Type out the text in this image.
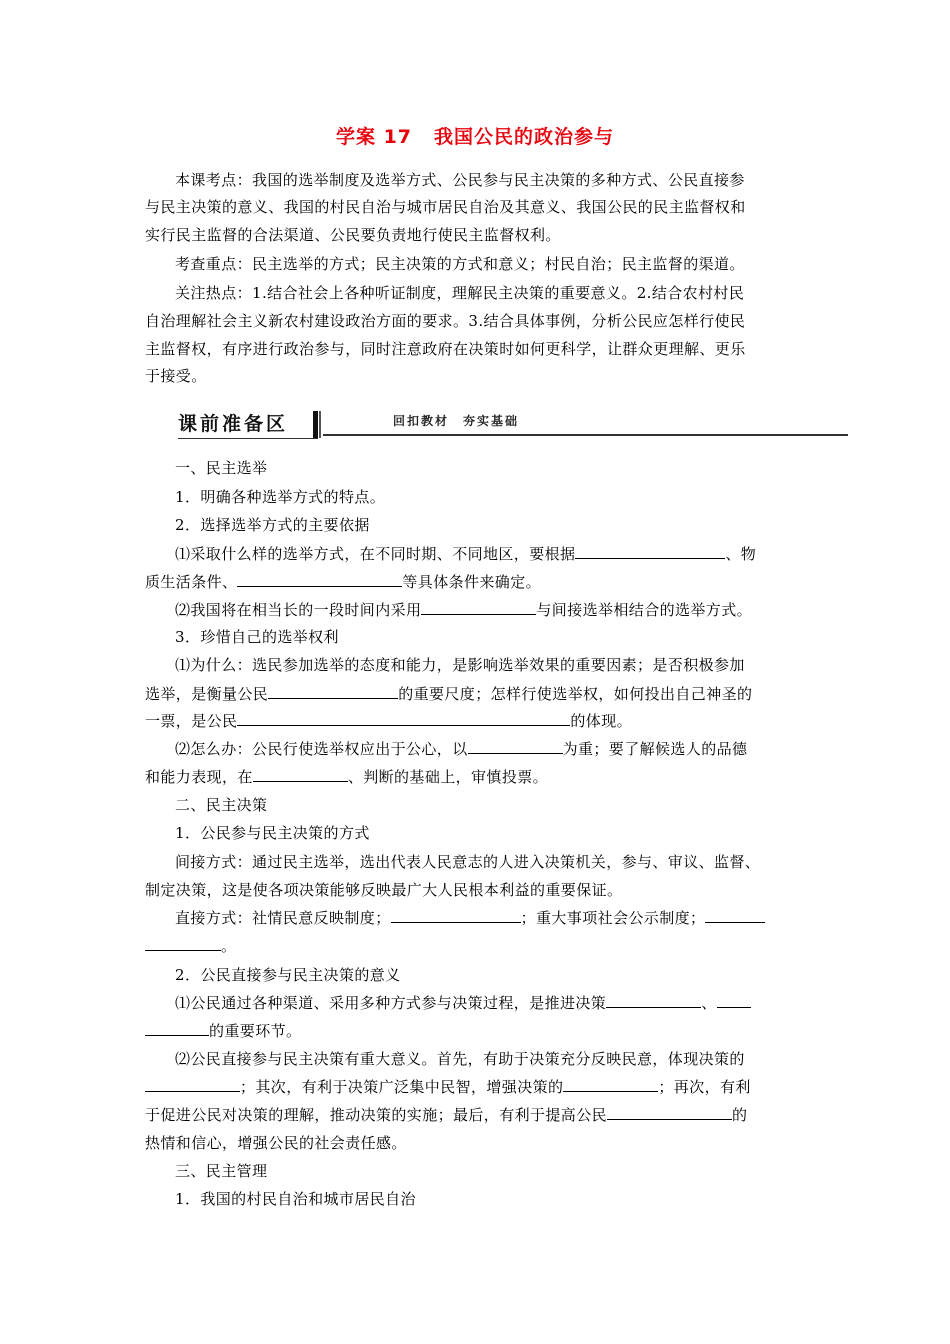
学案 17 我国公民的政治参与
本课考点：我国的选举制度及选举方式、公民参与民主决策的多种方式、公民直接参
与民主决策的意义、我国的村民自治与城市居民自治及其意义、我国公民的民主监督权和
实行民主监督的合法渠道、公民要负责地行使民主监督权利。
考查重点：民主选举的方式；民主决策的方式和意义；村民自治；民主监督的渠道。
关注热点：1.结合社会上各种听证制度，理解民主决策的重要意义。2.结合农村村民
自治理解社会主义新农村建设政治方面的要求。3.结合具体事例，分析公民应怎样行使民
主监督权，有序进行政治参与，同时注意政府在决策时如何更科学，让群众更理解、更乐
于接受。
课前准备区	回扣教材　夯实基础
一、民主选举
1．明确各种选举方式的特点。
2．选择选举方式的主要依据
⑴采取什么样的选举方式，在不同时期、不同地区，要根据	、物
质生活条件、	等具体条件来确定。
⑵我国将在相当长的一段时间内采用	与间接选举相结合的选举方式。
3．珍惜自己的选举权利
⑴为什么：选民参加选举的态度和能力，是影响选举效果的重要因素；是否积极参加
选举，是衡量公民	的重要尺度；怎样行使选举权，如何投出自己神圣的
一票，是公民	的体现。
⑵怎么办：公民行使选举权应出于公心，以	为重；要了解候选人的品德
和能力表现，在	、判断的基础上，审慎投票。
二、民主决策
1．公民参与民主决策的方式
间接方式：通过民主选举，选出代表人民意志的人进入决策机关，参与、审议、监督、
制定决策，这是使各项决策能够反映最广大人民根本利益的重要保证。
直接方式：社情民意反映制度；	；重大事项社会公示制度；
。
2．公民直接参与民主决策的意义
⑴公民通过各种渠道、采用多种方式参与决策过程，是推进决策	、
的重要环节。
⑵公民直接参与民主决策有重大意义。首先，有助于决策充分反映民意，体现决策的
；其次，有利于决策广泛集中民智，增强决策的	；再次，有利
于促进公民对决策的理解，推动决策的实施；最后，有利于提高公民	的
热情和信心，增强公民的社会责任感。
三、民主管理
1．我国的村民自治和城市居民自治
